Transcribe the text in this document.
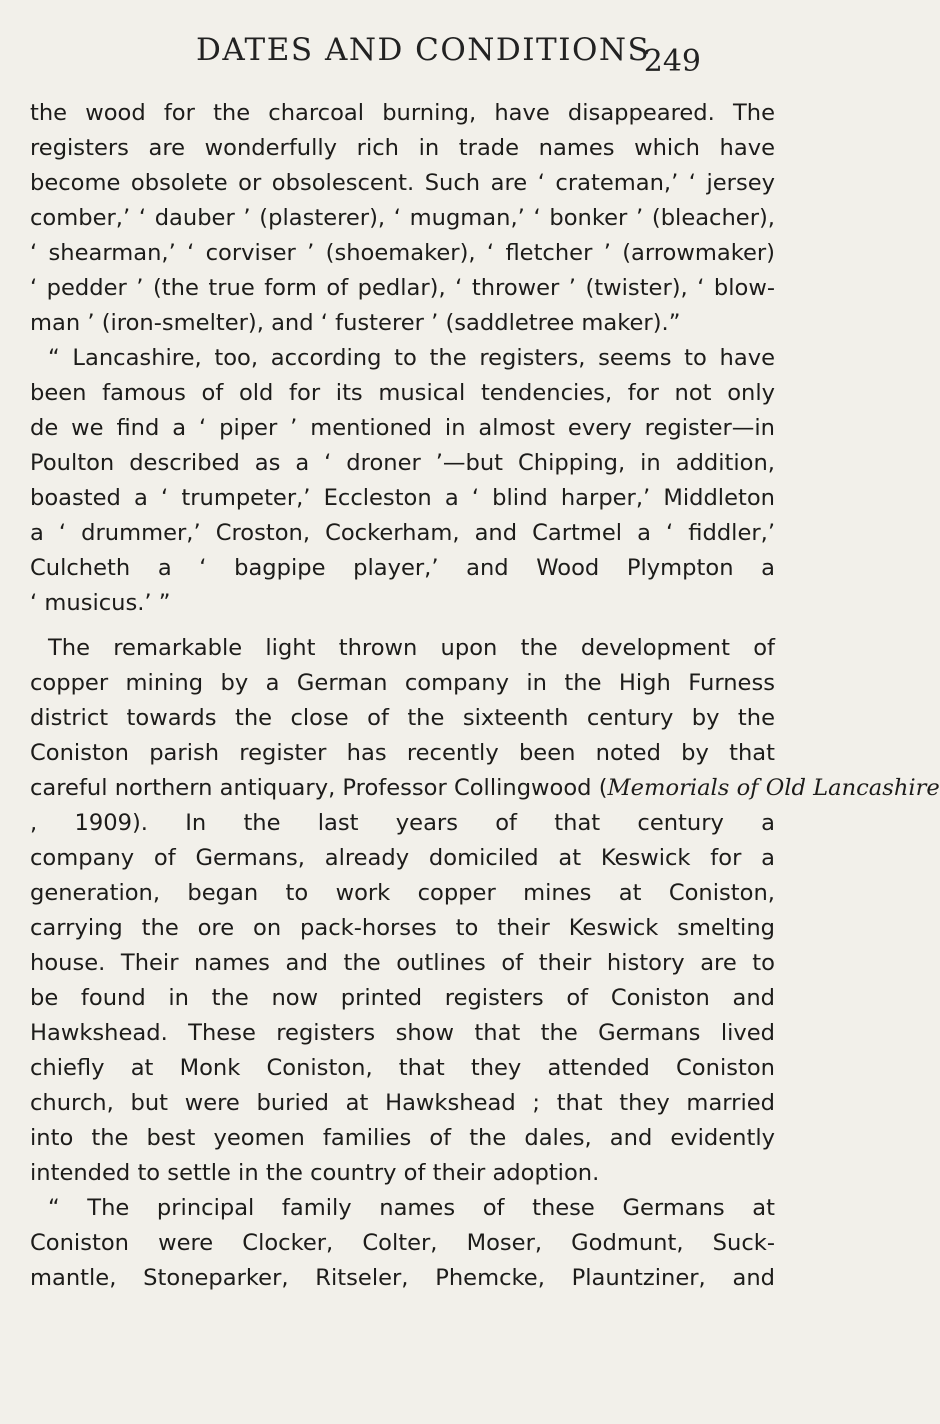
DATES AND CONDITIONS
249
the wood for the charcoal burning, have disappeared. The
registers are wonderfully rich in trade names which have
become obsolete or obsolescent. Such are ‘ crateman,’ ‘ jersey
comber,’ ‘ dauber ’ (plasterer), ‘ mugman,’ ‘ bonker ’ (bleacher),
‘ shearman,’ ‘ corviser ’ (shoemaker), ‘ fletcher ’ (arrowmaker)
‘ pedder ’ (the true form of pedlar), ‘ thrower ’ (twister), ‘ blow-
man ’ (iron-smelter), and ‘ fusterer ’ (saddletree maker).”
“ Lancashire, too, according to the registers, seems to have
been famous of old for its musical tendencies, for not only
de we find a ‘ piper ’ mentioned in almost every register—in
Poulton described as a ‘ droner ’—but Chipping, in addition,
boasted a ‘ trumpeter,’ Eccleston a ‘ blind harper,’ Middleton
a ‘ drummer,’ Croston, Cockerham, and Cartmel a ‘ fiddler,’
Culcheth a ‘ bagpipe player,’ and Wood Plympton a
‘ musicus.’ ”
The remarkable light thrown upon the development of
copper mining by a German company in the High Furness
district towards the close of the sixteenth century by the
Coniston parish register has recently been noted by that
careful northern antiquary, Professor Collingwood (Memorials of Old Lancashire
, 1909). In the last years of that century a
company of Germans, already domiciled at Keswick for a
generation, began to work copper mines at Coniston,
carrying the ore on pack-horses to their Keswick smelting
house. Their names and the outlines of their history are to
be found in the now printed registers of Coniston and
Hawkshead. These registers show that the Germans lived
chiefly at Monk Coniston, that they attended Coniston
church, but were buried at Hawkshead ; that they married
into the best yeomen families of the dales, and evidently
intended to settle in the country of their adoption.
“ The principal family names of these Germans at
Coniston were Clocker, Colter, Moser, Godmunt, Suck-
mantle, Stoneparker, Ritseler, Phemcke, Plauntziner, and
